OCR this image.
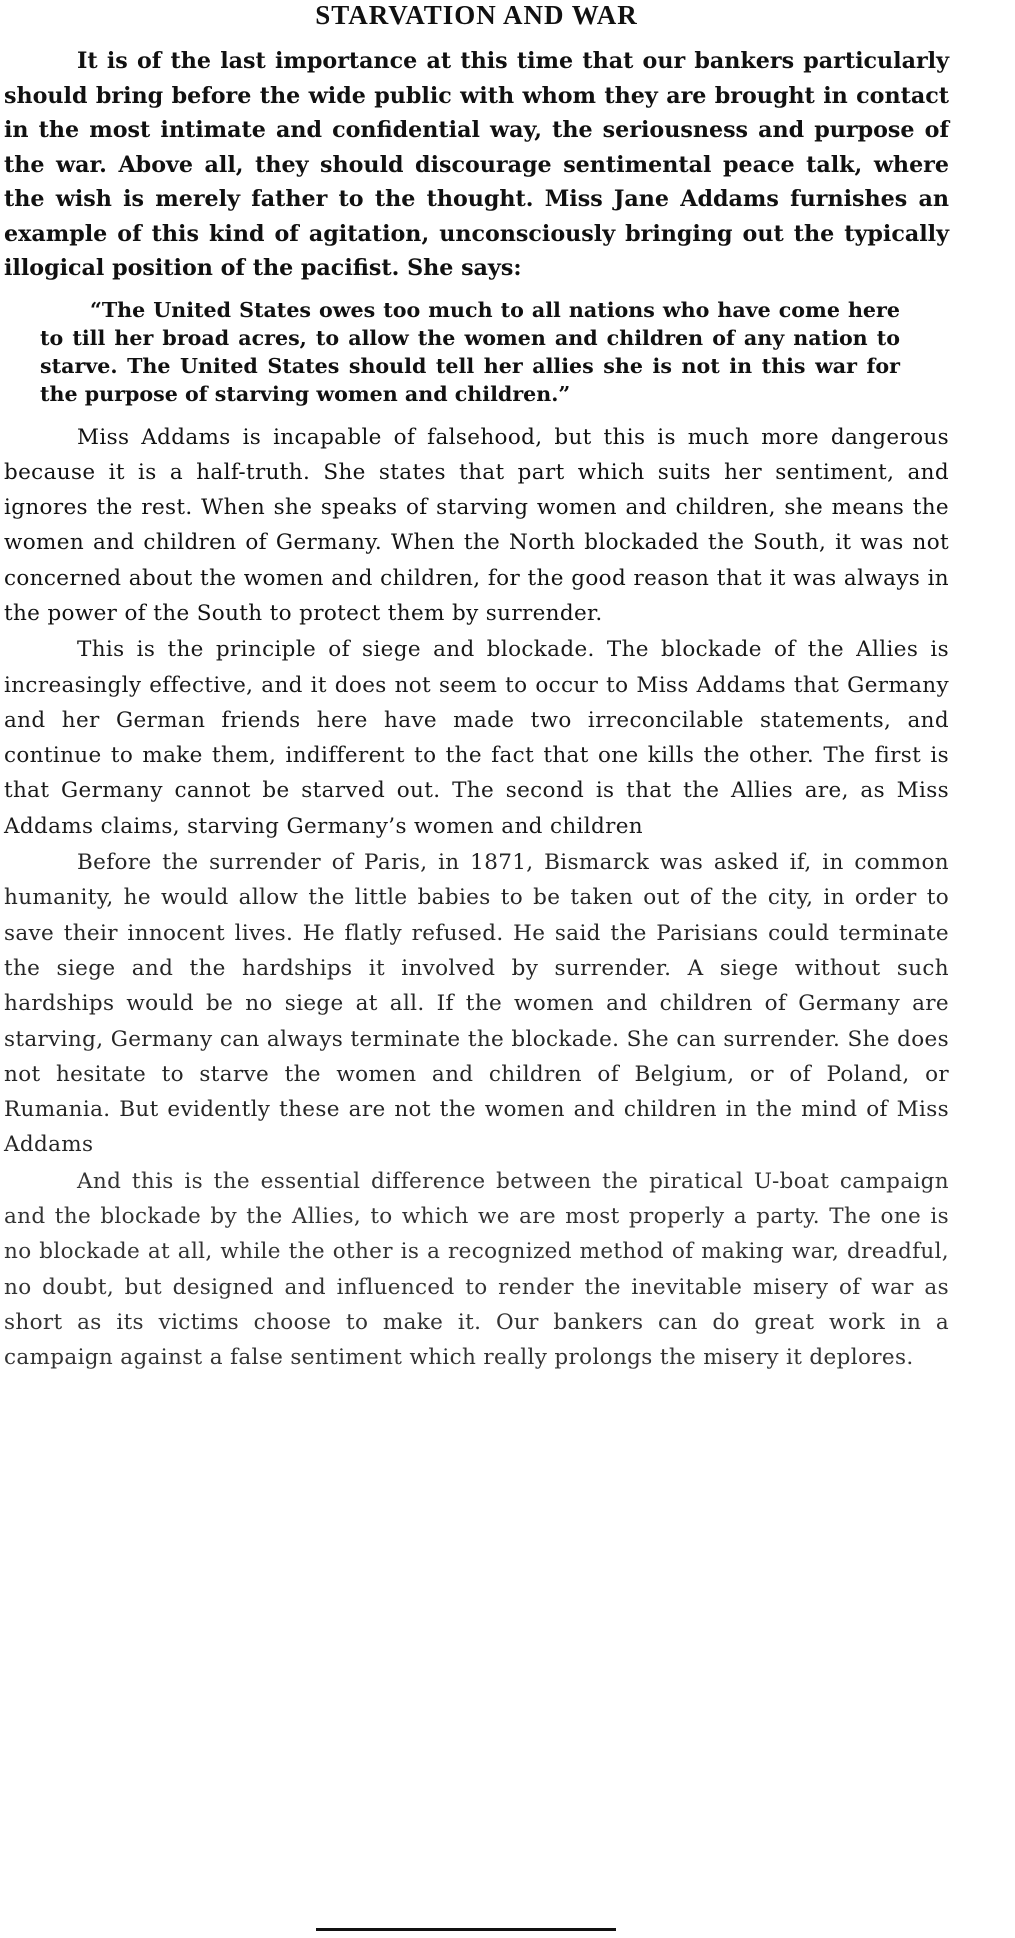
STARVATION AND WAR

It is of the last importance at this time that our bankers particularly should bring before the wide public with whom they are brought in contact in the most intimate and confidential way, the seriousness and purpose of the war. Above all, they should discourage sentimental peace talk, where the wish is merely father to the thought. Miss Jane Addams furnishes an example of this kind of agitation, unconsciously bringing out the typically illogical position of the pacifist. She says:

“The United States owes too much to all nations who have come here to till her broad acres, to allow the women and children of any nation to starve. The United States should tell her allies she is not in this war for the purpose of starving women and children.”

Miss Addams is incapable of falsehood, but this is much more dangerous because it is a half-truth. She states that part which suits her sentiment, and ignores the rest. When she speaks of starving women and children, she means the women and children of Germany. When the North blockaded the South, it was not concerned about the women and children, for the good reason that it was always in the power of the South to protect them by surrender.

This is the principle of siege and blockade. The blockade of the Allies is increasingly effective, and it does not seem to occur to Miss Addams that Germany and her German friends here have made two irreconcilable statements, and continue to make them, indifferent to the fact that one kills the other. The first is that Germany cannot be starved out. The second is that the Allies are, as Miss Addams claims, starving Germany’s women and children

Before the surrender of Paris, in 1871, Bismarck was asked if, in common humanity, he would allow the little babies to be taken out of the city, in order to save their innocent lives. He flatly refused. He said the Parisians could terminate the siege and the hardships it involved by surrender. A siege without such hardships would be no siege at all. If the women and children of Germany are starving, Germany can always terminate the blockade. She can surrender. She does not hesitate to starve the women and children of Belgium, or of Poland, or Rumania. But evidently these are not the women and children in the mind of Miss Addams

And this is the essential difference between the piratical U-boat campaign and the blockade by the Allies, to which we are most properly a party. The one is no blockade at all, while the other is a recognized method of making war, dreadful, no doubt, but designed and influenced to render the inevitable misery of war as short as its victims choose to make it. Our bankers can do great work in a campaign against a false sentiment which really prolongs the misery it deplores.
